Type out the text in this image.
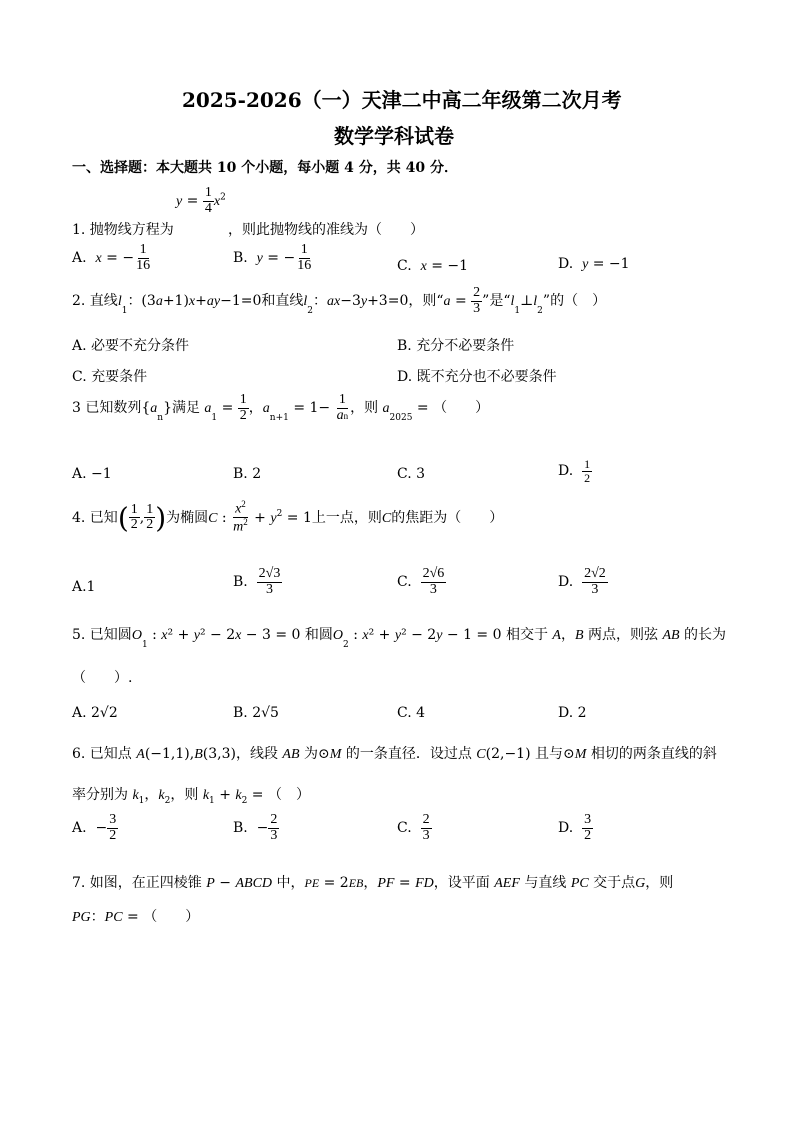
2025-2026（一）天津二中高二年级第二次月考
数学学科试卷
一、选择题：本大题共 10 个小题，每小题 4 分，共 40 分．
$y = \frac{1}{4} x^2$
1. 抛物线方程为	，则此抛物线的准线为（　　）
A.  x = − $\frac{1}{16}$	B.  y = − $\frac{1}{16}$	C.  x = −1	D.  y = −1
2. 直线$l_1$：(3a+1)x+ay−1=0和直线$l_2$：ax−3y+3=0，则“$a = \frac{2}{3}$ ”是“$l_1\perp l_2$”的（　）
A. 必要不充分条件	B. 充分不必要条件
C. 充要条件	D. 既不充分也不必要条件
3 已知数列$\{a_n\}$满足 $a_1 = \frac{1}{2}$ ，$a_{n+1} = 1- \frac{1}{an}$ ，则 $a_{2025}$ = （　　）
A. −1	B. 2	C. 3	D. $\frac{1}{2}$
4. 已知( $\frac{1}{2}$ , $\frac{1}{2}$ )为椭圆C : $\frac{x^2}{m^2} + y^2 = 1$上一点，则C的焦距为（　　）
A.1	B. $\frac{2√3}{3}$	C. $\frac{2√6}{3}$	D. $\frac{2√2}{3}$
5. 已知圆$O_1$ : x² + y² − 2x − 3 = 0 和圆$O_2$ : x² + y² − 2y − 1 = 0 相交于 A，B 两点，则弦 AB 的长为
（　　）.
A. 2√2	B. 2√5	C. 4	D. 2
6. 已知点 A(−1,1),B(3,3)，线段 AB 为⊙M 的一条直径．设过点 C(2,−1) 且与⊙M 相切的两条直线的斜
率分别为 $k_1$，$k_2$，则 $k_1 + k_2$ = （　）
A.  − $\frac{3}{2}$	B.  − $\frac{2}{3}$	C. $\frac{2}{3}$	D. $\frac{3}{2}$
7. 如图，在正四棱锥 P − ABCD 中，PE = 2EB，PF = FD，设平面 AEF 与直线 PC 交于点G，则
PG：PC = （　　）
